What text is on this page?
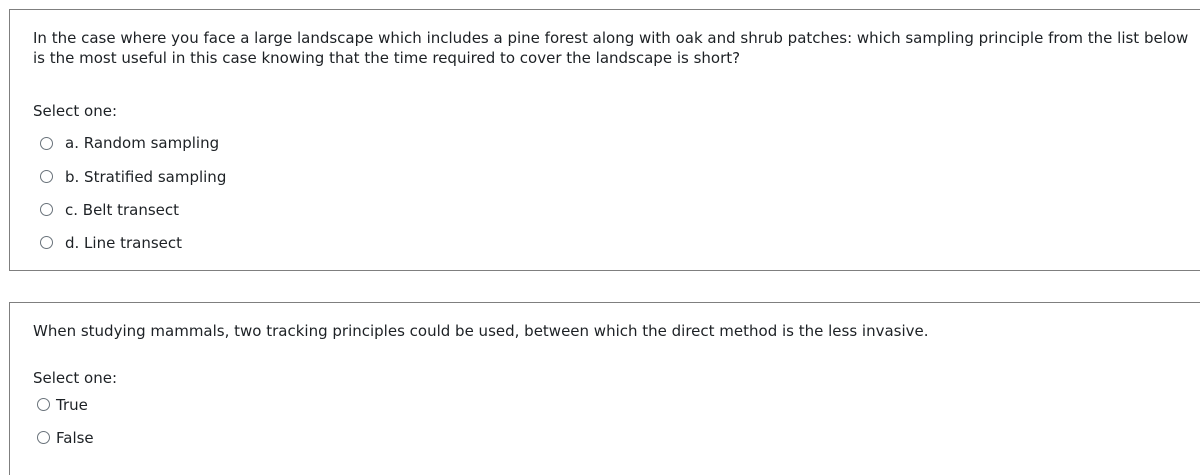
In the case where you face a large landscape which includes a pine forest along with oak and shrub patches: which sampling principle from the list below is the most useful in this case knowing that the time required to cover the landscape is short?

Select one:
a. Random sampling
b. Stratified sampling
c. Belt transect
d. Line transect

When studying mammals, two tracking principles could be used, between which the direct method is the less invasive.

Select one:
True
False
